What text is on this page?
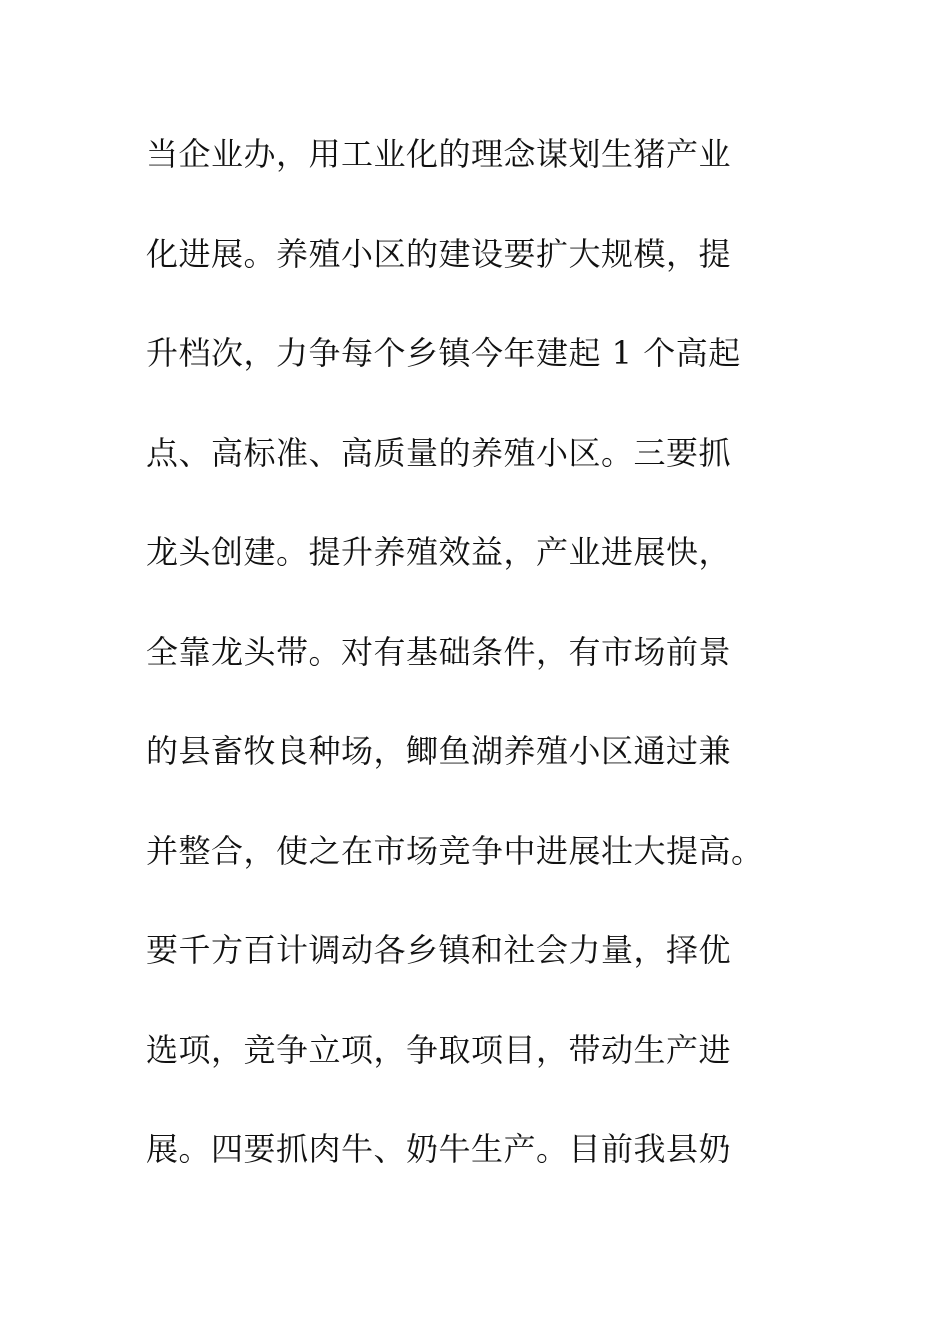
当企业办，用工业化的理念谋划生猪产业
化进展。养殖小区的建设要扩大规模，提
升档次，力争每个乡镇今年建起 1 个高起
点、高标准、高质量的养殖小区。三要抓
龙头创建。提升养殖效益，产业进展快，
全靠龙头带。对有基础条件，有市场前景
的县畜牧良种场，鲫鱼湖养殖小区通过兼
并整合，使之在市场竞争中进展壮大提高。
要千方百计调动各乡镇和社会力量，择优
选项，竞争立项，争取项目，带动生产进
展。四要抓肉牛、奶牛生产。目前我县奶
